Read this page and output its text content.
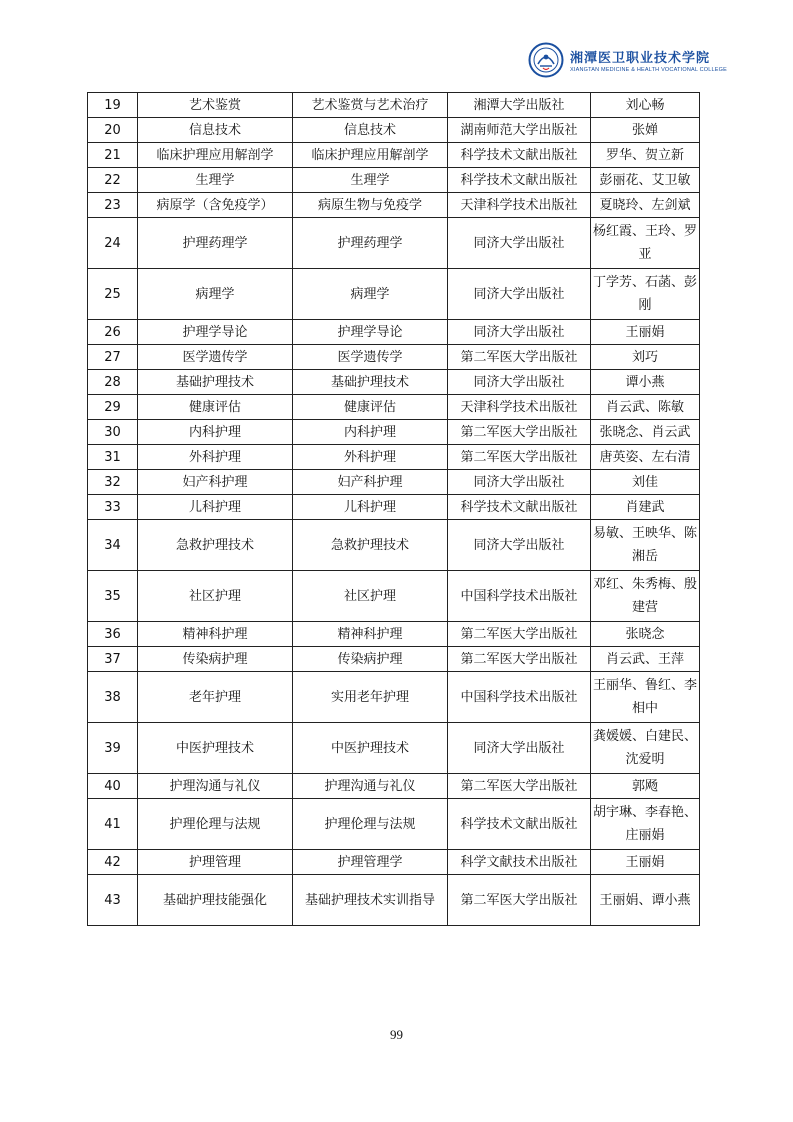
湘潭医卫职业技术学院
XIANGTAN MEDICINE & HEALTH VOCATIONAL COLLEGE
19	艺术鉴赏	艺术鉴赏与艺术治疗	湘潭大学出版社	刘心畅
20	信息技术	信息技术	湖南师范大学出版社	张婵
21	临床护理应用解剖学	临床护理应用解剖学	科学技术文献出版社	罗华、贺立新
22	生理学	生理学	科学技术文献出版社	彭丽花、艾卫敏
23	病原学（含免疫学）	病原生物与免疫学	天津科学技术出版社	夏晓玲、左剑斌
24	护理药理学	护理药理学	同济大学出版社	杨红霞、王玲、罗亚
25	病理学	病理学	同济大学出版社	丁学芳、石菡、彭刚
26	护理学导论	护理学导论	同济大学出版社	王丽娟
27	医学遗传学	医学遗传学	第二军医大学出版社	刘巧
28	基础护理技术	基础护理技术	同济大学出版社	谭小燕
29	健康评估	健康评估	天津科学技术出版社	肖云武、陈敏
30	内科护理	内科护理	第二军医大学出版社	张晓念、肖云武
31	外科护理	外科护理	第二军医大学出版社	唐英姿、左右清
32	妇产科护理	妇产科护理	同济大学出版社	刘佳
33	儿科护理	儿科护理	科学技术文献出版社	肖建武
34	急救护理技术	急救护理技术	同济大学出版社	易敏、王映华、陈湘岳
35	社区护理	社区护理	中国科学技术出版社	邓红、朱秀梅、殷建营
36	精神科护理	精神科护理	第二军医大学出版社	张晓念
37	传染病护理	传染病护理	第二军医大学出版社	肖云武、王萍
38	老年护理	实用老年护理	中国科学技术出版社	王丽华、鲁红、李相中
39	中医护理技术	中医护理技术	同济大学出版社	龚媛媛、白建民、沈爱明
40	护理沟通与礼仪	护理沟通与礼仪	第二军医大学出版社	郭飏
41	护理伦理与法规	护理伦理与法规	科学技术文献出版社	胡宇琳、李春艳、庄丽娟
42	护理管理	护理管理学	科学文献技术出版社	王丽娟
43	基础护理技能强化	基础护理技术实训指导	第二军医大学出版社	王丽娟、谭小燕
99
